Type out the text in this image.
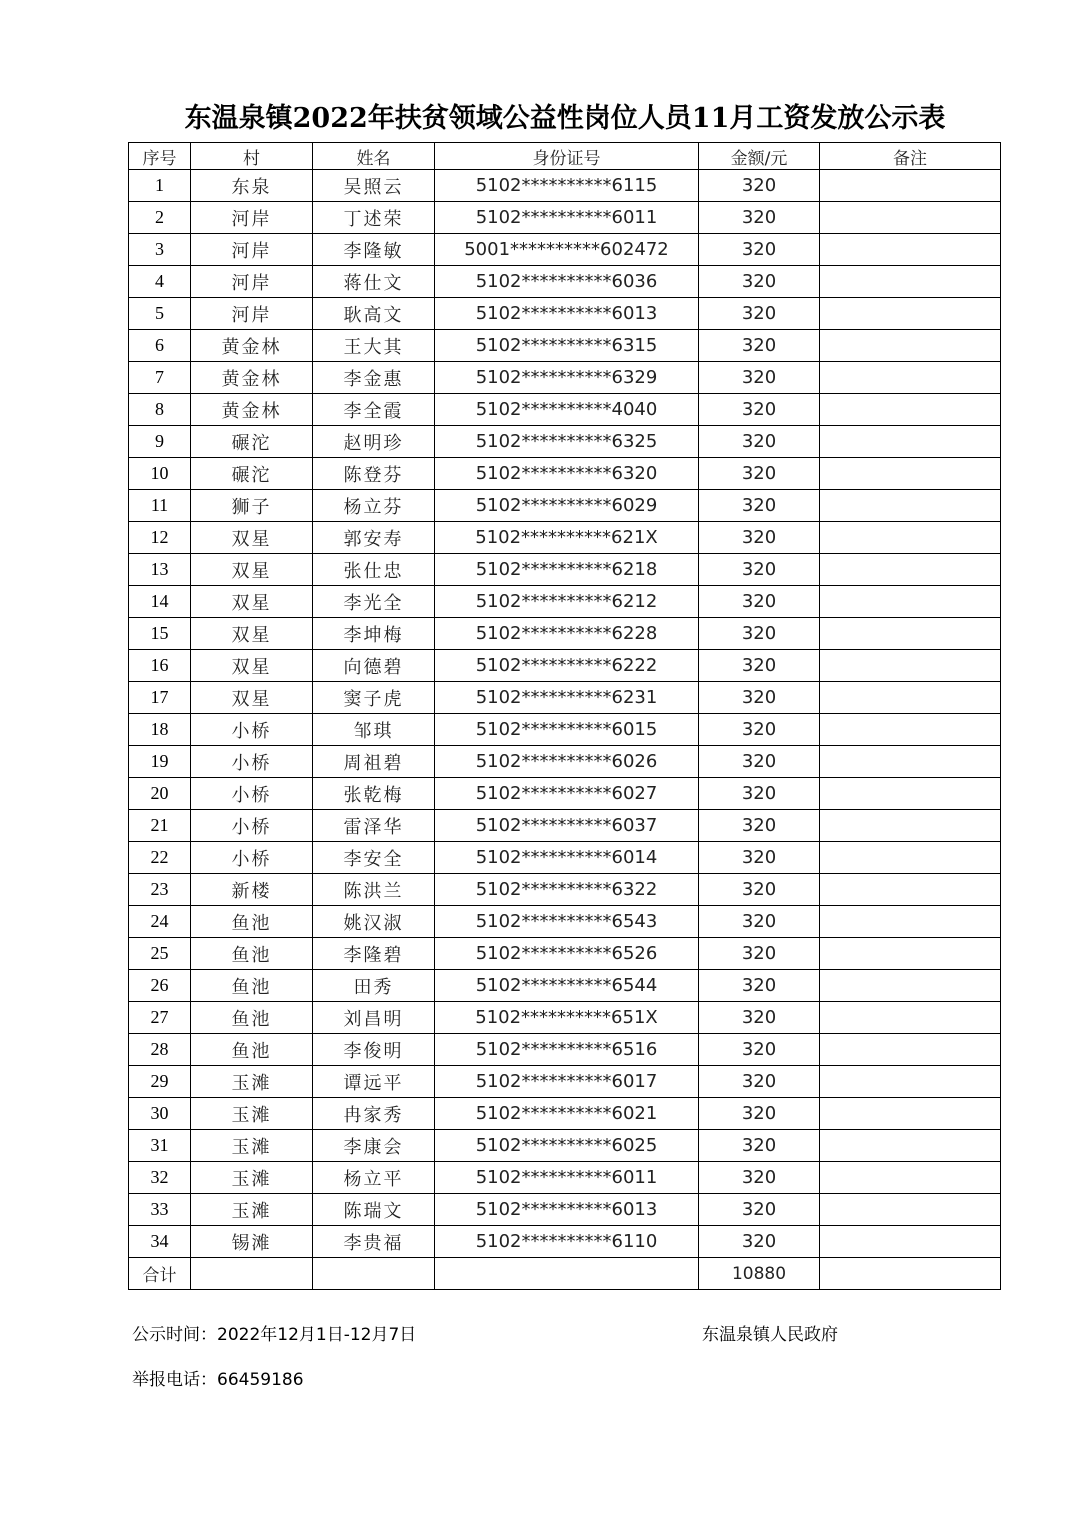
东温泉镇2022年扶贫领域公益性岗位人员11月工资发放公示表
序号	村	姓名	身份证号	金额/元	备注
1	东泉	吴照云	5102**********6115	320	
2	河岸	丁述荣	5102**********6011	320	
3	河岸	李隆敏	5001**********602472	320	
4	河岸	蒋仕文	5102**********6036	320	
5	河岸	耿高文	5102**********6013	320	
6	黄金林	王大其	5102**********6315	320	
7	黄金林	李金惠	5102**********6329	320	
8	黄金林	李全霞	5102**********4040	320	
9	碾沱	赵明珍	5102**********6325	320	
10	碾沱	陈登芬	5102**********6320	320	
11	狮子	杨立芬	5102**********6029	320	
12	双星	郭安寿	5102**********621X	320	
13	双星	张仕忠	5102**********6218	320	
14	双星	李光全	5102**********6212	320	
15	双星	李坤梅	5102**********6228	320	
16	双星	向德碧	5102**********6222	320	
17	双星	窦子虎	5102**********6231	320	
18	小桥	邹琪	5102**********6015	320	
19	小桥	周祖碧	5102**********6026	320	
20	小桥	张乾梅	5102**********6027	320	
21	小桥	雷泽华	5102**********6037	320	
22	小桥	李安全	5102**********6014	320	
23	新楼	陈洪兰	5102**********6322	320	
24	鱼池	姚汉淑	5102**********6543	320	
25	鱼池	李隆碧	5102**********6526	320	
26	鱼池	田秀	5102**********6544	320	
27	鱼池	刘昌明	5102**********651X	320	
28	鱼池	李俊明	5102**********6516	320	
29	玉滩	谭远平	5102**********6017	320	
30	玉滩	冉家秀	5102**********6021	320	
31	玉滩	李康会	5102**********6025	320	
32	玉滩	杨立平	5102**********6011	320	
33	玉滩	陈瑞文	5102**********6013	320	
34	锡滩	李贵福	5102**********6110	320	
合计				10880	
公示时间：2022年12月1日-12月7日	东温泉镇人民政府
举报电话：66459186
